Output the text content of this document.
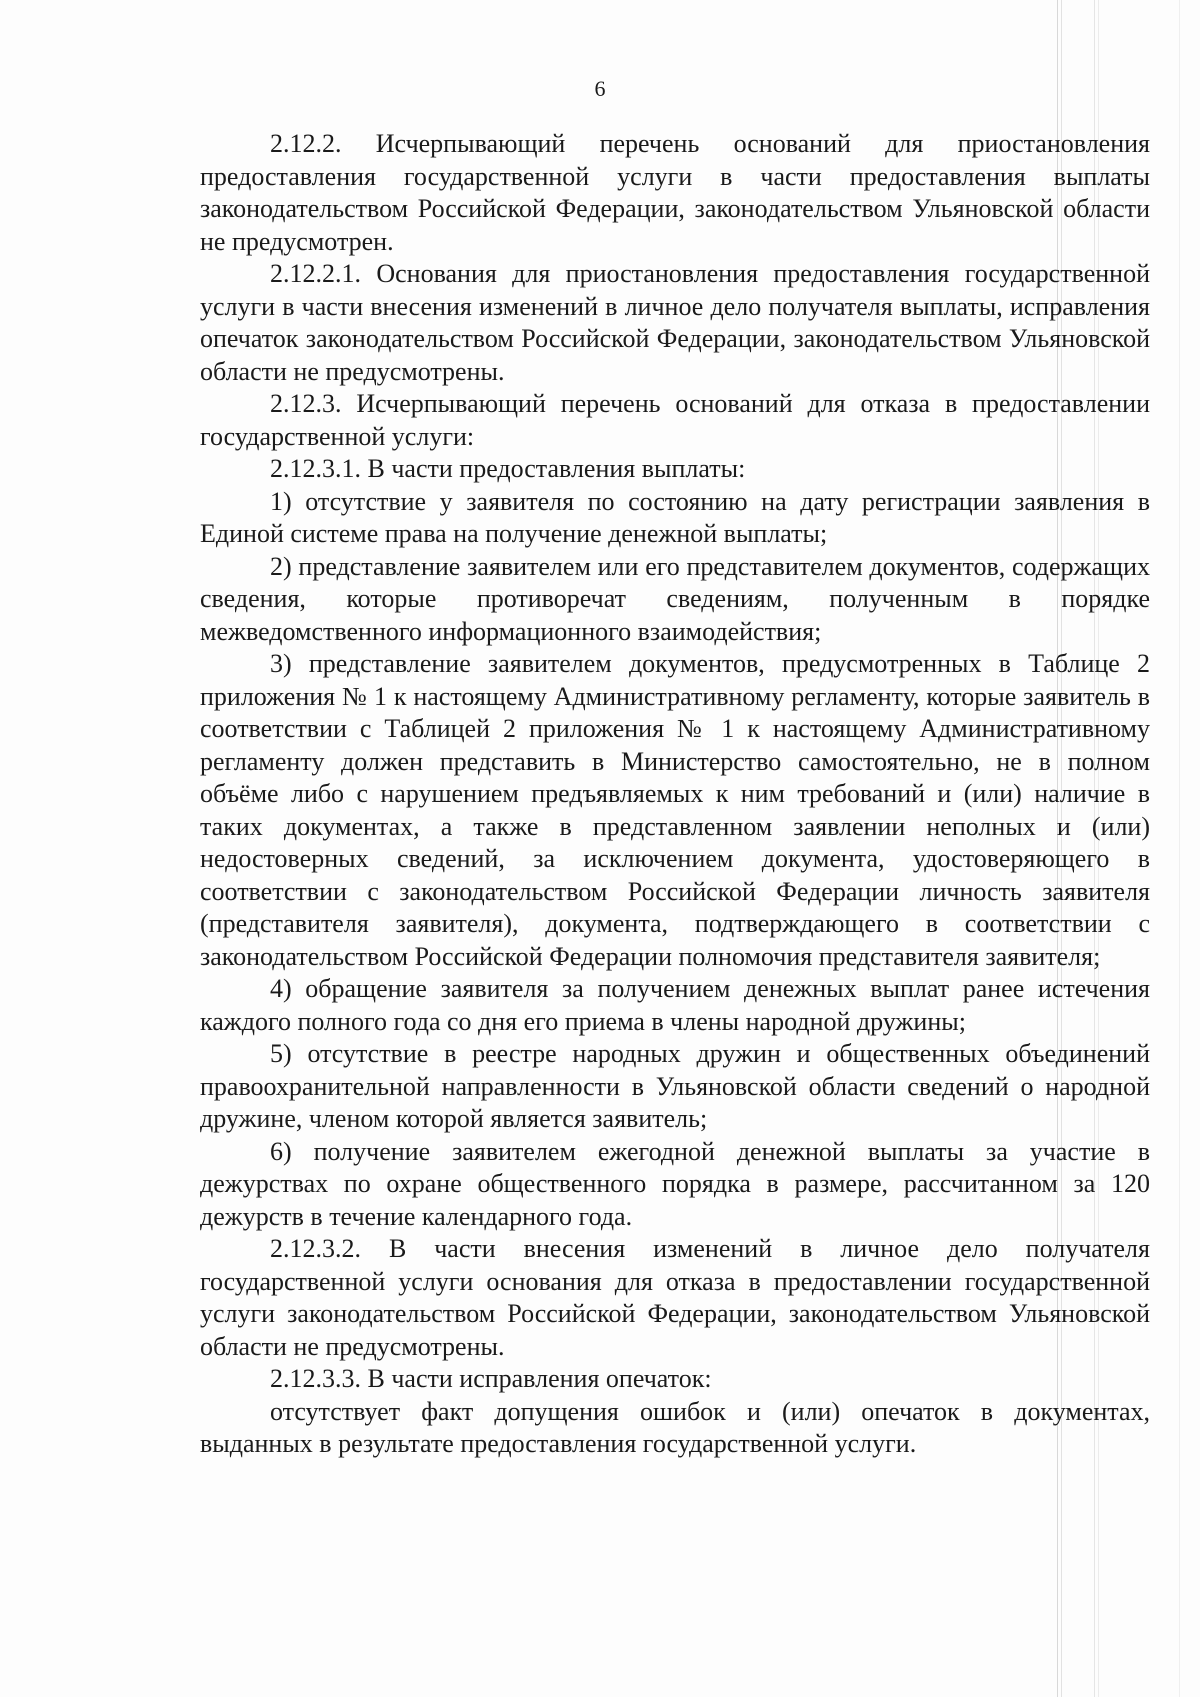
6

2.12.2. Исчерпывающий перечень оснований для приостановления предоставления государственной услуги в части предоставления выплаты законодательством Российской Федерации, законодательством Ульяновской области не предусмотрен.

2.12.2.1. Основания для приостановления предоставления государственной услуги в части внесения изменений в личное дело получателя выплаты, исправления опечаток законодательством Российской Федерации, законодательством Ульяновской области не предусмотрены.

2.12.3. Исчерпывающий перечень оснований для отказа в предоставлении государственной услуги:

2.12.3.1. В части предоставления выплаты:

1) отсутствие у заявителя по состоянию на дату регистрации заявления в Единой системе права на получение денежной выплаты;

2) представление заявителем или его представителем документов, содержащих сведения, которые противоречат сведениям, полученным в порядке межведомственного информационного взаимодействия;

3) представление заявителем документов, предусмотренных в Таблице 2 приложения № 1 к настоящему Административному регламенту, которые заявитель в соответствии с Таблицей 2 приложения № 1 к настоящему Административному регламенту должен представить в Министерство самостоятельно, не в полном объёме либо с нарушением предъявляемых к ним требований и (или) наличие в таких документах, а также в представленном заявлении неполных и (или) недостоверных сведений, за исключением документа, удостоверяющего в соответствии с законодательством Российской Федерации личность заявителя (представителя заявителя), документа, подтверждающего в соответствии с законодательством Российской Федерации полномочия представителя заявителя;

4) обращение заявителя за получением денежных выплат ранее истечения каждого полного года со дня его приема в члены народной дружины;

5) отсутствие в реестре народных дружин и общественных объединений правоохранительной направленности в Ульяновской области сведений о народной дружине, членом которой является заявитель;

6) получение заявителем ежегодной денежной выплаты за участие в дежурствах по охране общественного порядка в размере, рассчитанном за 120 дежурств в течение календарного года.

2.12.3.2. В части внесения изменений в личное дело получателя государственной услуги основания для отказа в предоставлении государственной услуги законодательством Российской Федерации, законодательством Ульяновской области не предусмотрены.

2.12.3.3. В части исправления опечаток:

отсутствует факт допущения ошибок и (или) опечаток в документах, выданных в результате предоставления государственной услуги.
